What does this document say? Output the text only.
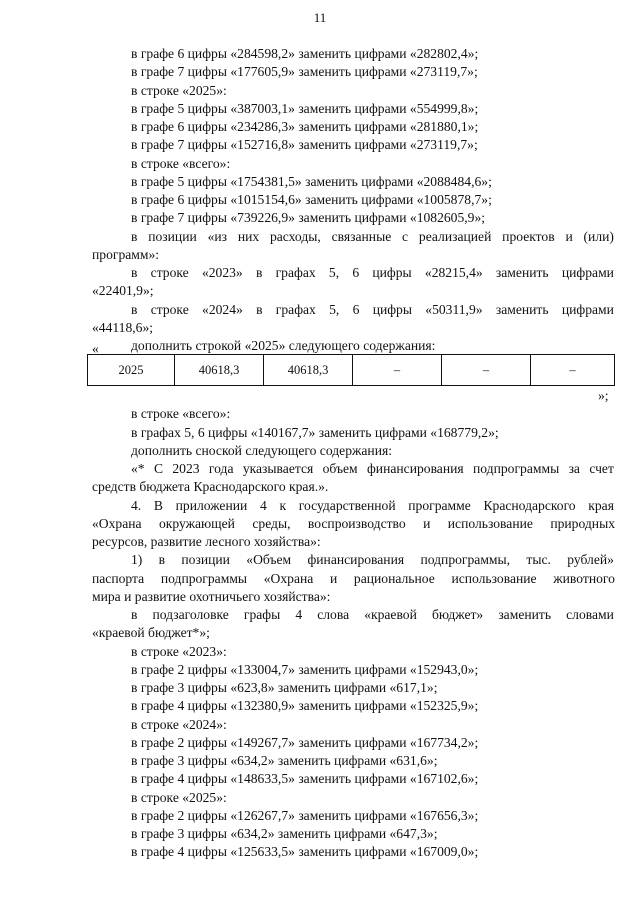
11
в графе 6 цифры «284598,2» заменить цифрами «282802,4»;
в графе 7 цифры «177605,9» заменить цифрами «273119,7»;
в строке «2025»:
в графе 5 цифры «387003,1» заменить цифрами «554999,8»;
в графе 6 цифры «234286,3» заменить цифрами «281880,1»;
в графе 7 цифры «152716,8» заменить цифрами «273119,7»;
в строке «всего»:
в графе 5 цифры «1754381,5» заменить цифрами «2088484,6»;
в графе 6 цифры «1015154,6» заменить цифрами «1005878,7»;
в графе 7 цифры «739226,9» заменить цифрами «1082605,9»;
в позиции «из них расходы, связанные с реализацией проектов и (или)
программ»:
в строке «2023» в графах 5, 6 цифры «28215,4» заменить цифрами
«22401,9»;
в строке «2024» в графах 5, 6 цифры «50311,9» заменить цифрами
«44118,6»;
дополнить строкой «2025» следующего содержания:
«
»;
в строке «всего»:
в графах 5, 6 цифры «140167,7» заменить цифрами «168779,2»;
дополнить сноской следующего содержания:
«* С 2023 года указывается объем финансирования подпрограммы за счет
средств бюджета Краснодарского края.».
4. В приложении 4 к государственной программе Краснодарского края
«Охрана окружающей среды, воспроизводство и использование природных
ресурсов, развитие лесного хозяйства»:
1) в позиции «Объем финансирования подпрограммы, тыс. рублей»
паспорта подпрограммы «Охрана и рациональное использование животного
мира и развитие охотничьего хозяйства»:
в подзаголовке графы 4 слова «краевой бюджет» заменить словами
«краевой бюджет*»;
в строке «2023»:
в графе 2 цифры «133004,7» заменить цифрами «152943,0»;
в графе 3 цифры «623,8» заменить цифрами «617,1»;
в графе 4 цифры «132380,9» заменить цифрами «152325,9»;
в строке «2024»:
в графе 2 цифры «149267,7» заменить цифрами «167734,2»;
в графе 3 цифры «634,2» заменить цифрами «631,6»;
в графе 4 цифры «148633,5» заменить цифрами «167102,6»;
в строке «2025»:
в графе 2 цифры «126267,7» заменить цифрами «167656,3»;
в графе 3 цифры «634,2» заменить цифрами «647,3»;
в графе 4 цифры «125633,5» заменить цифрами «167009,0»;
2025	40618,3	40618,3	–	–	–
